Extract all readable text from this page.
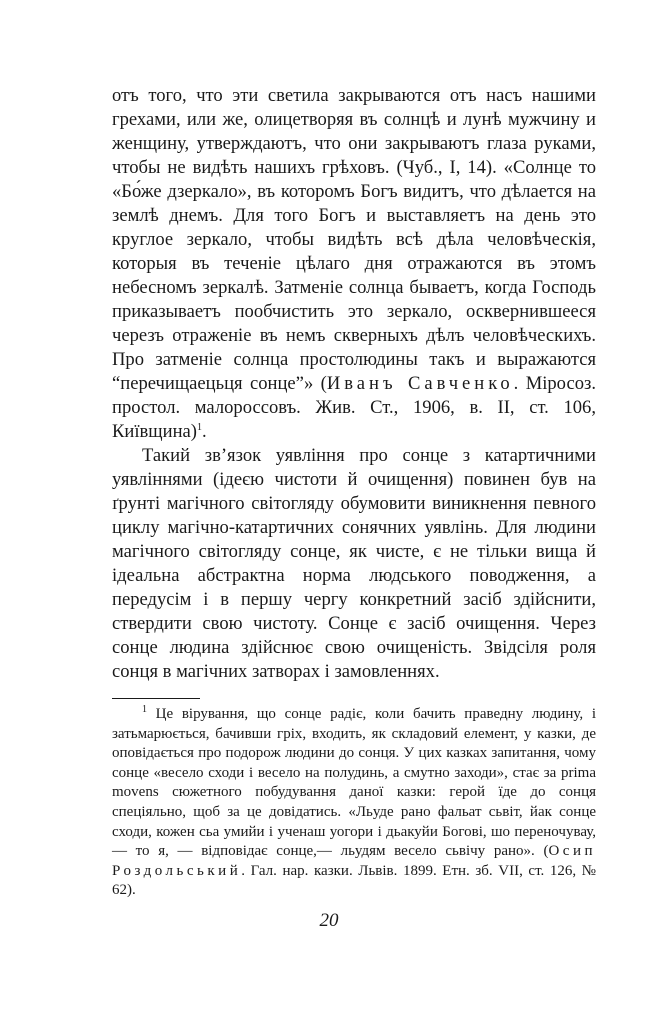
отъ того, что эти светила закрываются отъ насъ нашими грехами, или же, олицетворяя въ солнцѣ и лунѣ мужчину и женщину, утверждаютъ, что они закрываютъ глаза руками, чтобы не видѣть нашихъ грѣховъ. (Чуб., І, 14). «Солнце то «Бо́же дзеркало», въ которомъ Богъ видитъ, что дѣлается на землѣ днемъ. Для того Богъ и выставляетъ на день это круглое зеркало, чтобы видѣть всѣ дѣла человѣческія, которыя въ теченіе цѣлаго дня отражаются въ этомъ небесномъ зеркалѣ. Затменіе солнца бываетъ, когда Господь приказываетъ пообчистить это зеркало, осквернившееся черезъ отраженіе въ немъ скверныхъ дѣлъ человѣческихъ. Про затменіе солнца простолюдины такъ и выражаются “перечищаецьця сонце”» (Иванъ Савченко. Міросоз. простол. малороссовъ. Жив. Ст., 1906, в. ІІ, ст. 106, Київщина)$^1$.

Такий зв’язок уявління про сонце з катартичними уявліннями (ідеєю чистоти й очищення) повинен був на ґрунті магічного світогляду обумовити виникнення певного циклу магічно-катартичних сонячних уявлінь. Для людини магічного світогляду сонце, як чисте, є не тільки вища й ідеальна абстрактна норма людського поводження, а передусім і в першу чергу конкретний засіб здійснити, ствердити свою чистоту. Сонце є засіб очищення. Через сонце людина здійснює свою очищеність. Звідсіля роля сонця в магічних затворах і замовленнях.

$^1$ Це вірування, що сонце радіє, коли бачить праведну людину, і затьмарюється, бачивши гріх, входить, як складовий елемент, у казки, де оповідається про подорож людини до сонця. У цих казках запитання, чому сонце «весело сходи і весело на полудинь, а смутно заходи», стає за prima movens сюжетного побудування даної казки: герой їде до сонця спеціяльно, щоб за це довідатись. «Льуде рано фальат сьвіт, йак сонце сходи, кожен сьа умийи і ученаш уогори і дьакуйи Богові, шо переночувау, — то я, — відповідає сонце,— льудям весело сьвічу рано». (Осип Роздольський. Гал. нар. казки. Львів. 1899. Етн. зб. VII, ст. 126, № 62).

20
